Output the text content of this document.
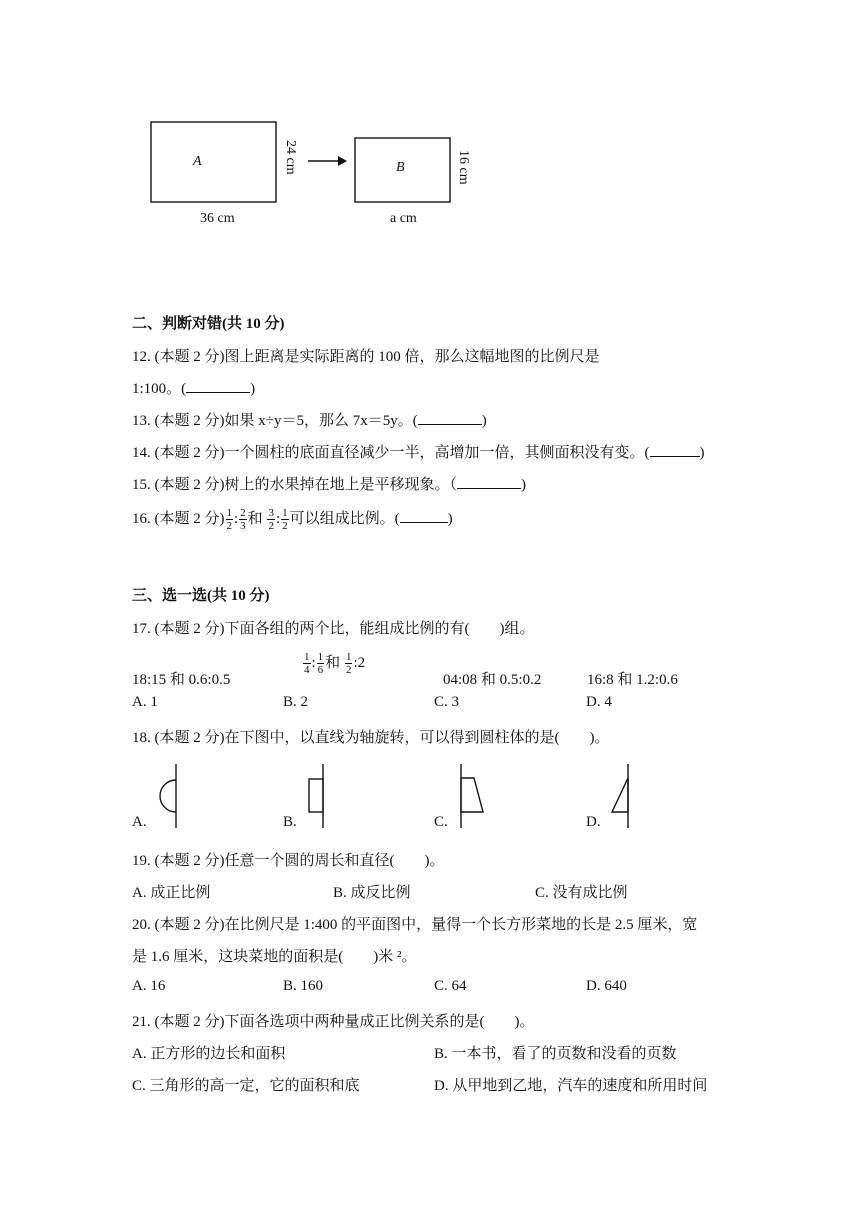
A	24 cm
36 cm
B	16 cm
a cm
二、判断对错(共 10 分)
12. (本题 2 分)图上距离是实际距离的 100 倍，那么这幅地图的比例尺是
1:100。(	)
13. (本题 2 分)如果 x÷y＝5，那么 7x＝5y。(	)
14. (本题 2 分)一个圆柱的底面直径减少一半，高增加一倍，其侧面积没有变。(	)
15. (本题 2 分)树上的水果掉在地上是平移现象。（	)
16. (本题 2 分) $\frac{1}{2}$ : $\frac{2}{3}$ 和 $\frac{3}{2}$ : $\frac{1}{2}$ 可以组成比例。(	)
三、选一选(共 10 分)
17. (本题 2 分)下面各组的两个比，能组成比例的有(　　)组。
18:15 和 0.6:0.5
$\frac{1}{4}$ : $\frac{1}{6}$ 和 $\frac{1}{2}$ :2
04:08 和 0.5:0.2	16:8 和 1.2:0.6
A. 1	B. 2	C. 3	D. 4
18. (本题 2 分)在下图中，以直线为轴旋转，可以得到圆柱体的是(　　)。
A.	B.	C.	D.
19. (本题 2 分)任意一个圆的周长和直径(　　)。
A. 成正比例	B. 成反比例	C. 没有成比例
20. (本题 2 分)在比例尺是 1:400 的平面图中，量得一个长方形菜地的长是 2.5 厘米，宽
是 1.6 厘米，这块菜地的面积是(　　)米 ²。
A. 16	B. 160	C. 64	D. 640
21. (本题 2 分)下面各选项中两种量成正比例关系的是(　　)。
A. 正方形的边长和面积	B. 一本书，看了的页数和没看的页数
C. 三角形的高一定，它的面积和底	D. 从甲地到乙地，汽车的速度和所用时间
